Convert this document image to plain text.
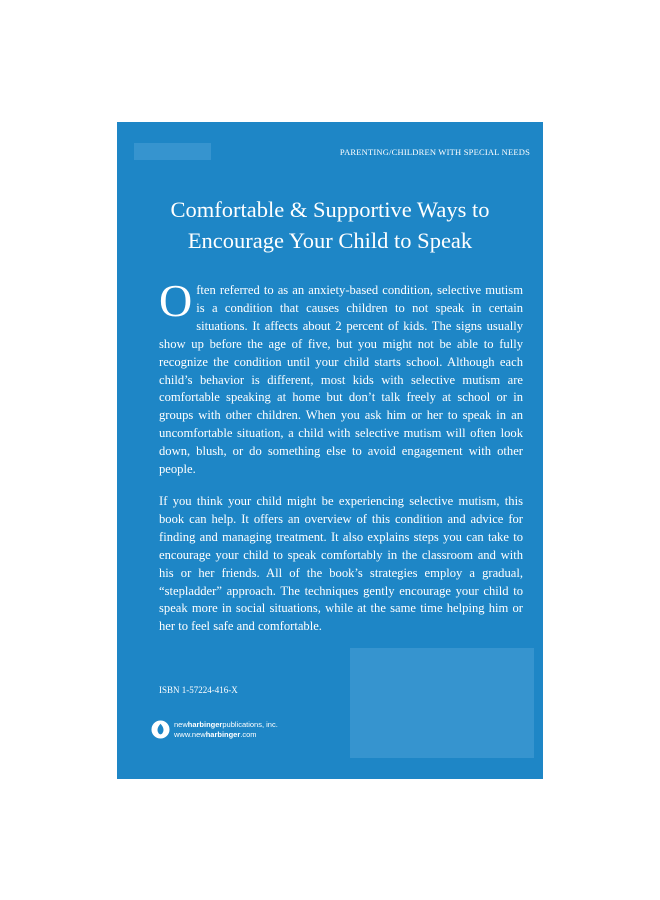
PARENTING/CHILDREN WITH SPECIAL NEEDS
Comfortable & Supportive Ways to
Encourage Your Child to Speak
Often referred to as an anxiety-based condition, selective mutism is a condition that causes children to not speak in certain situations. It affects about 2 percent of kids. The signs usually show up before the age of five, but you might not be able to fully recognize the condition until your child starts school. Although each child’s behavior is different, most kids with selective mutism are comfortable speaking at home but don’t talk freely at school or in groups with other children. When you ask him or her to speak in an uncomfortable situation, a child with selective mutism will often look down, blush, or do something else to avoid engagement with other people.
If you think your child might be experiencing selective mutism, this book can help. It offers an overview of this condition and advice for finding and managing treatment. It also explains steps you can take to encourage your child to speak comfortably in the classroom and with his or her friends. All of the book’s strategies employ a gradual, “stepladder” approach. The techniques gently encourage your child to speak more in social situations, while at the same time helping him or her to feel safe and comfortable.
ISBN 1-57224-416-X
newharbingerpublications, inc.
www.newharbinger.com
